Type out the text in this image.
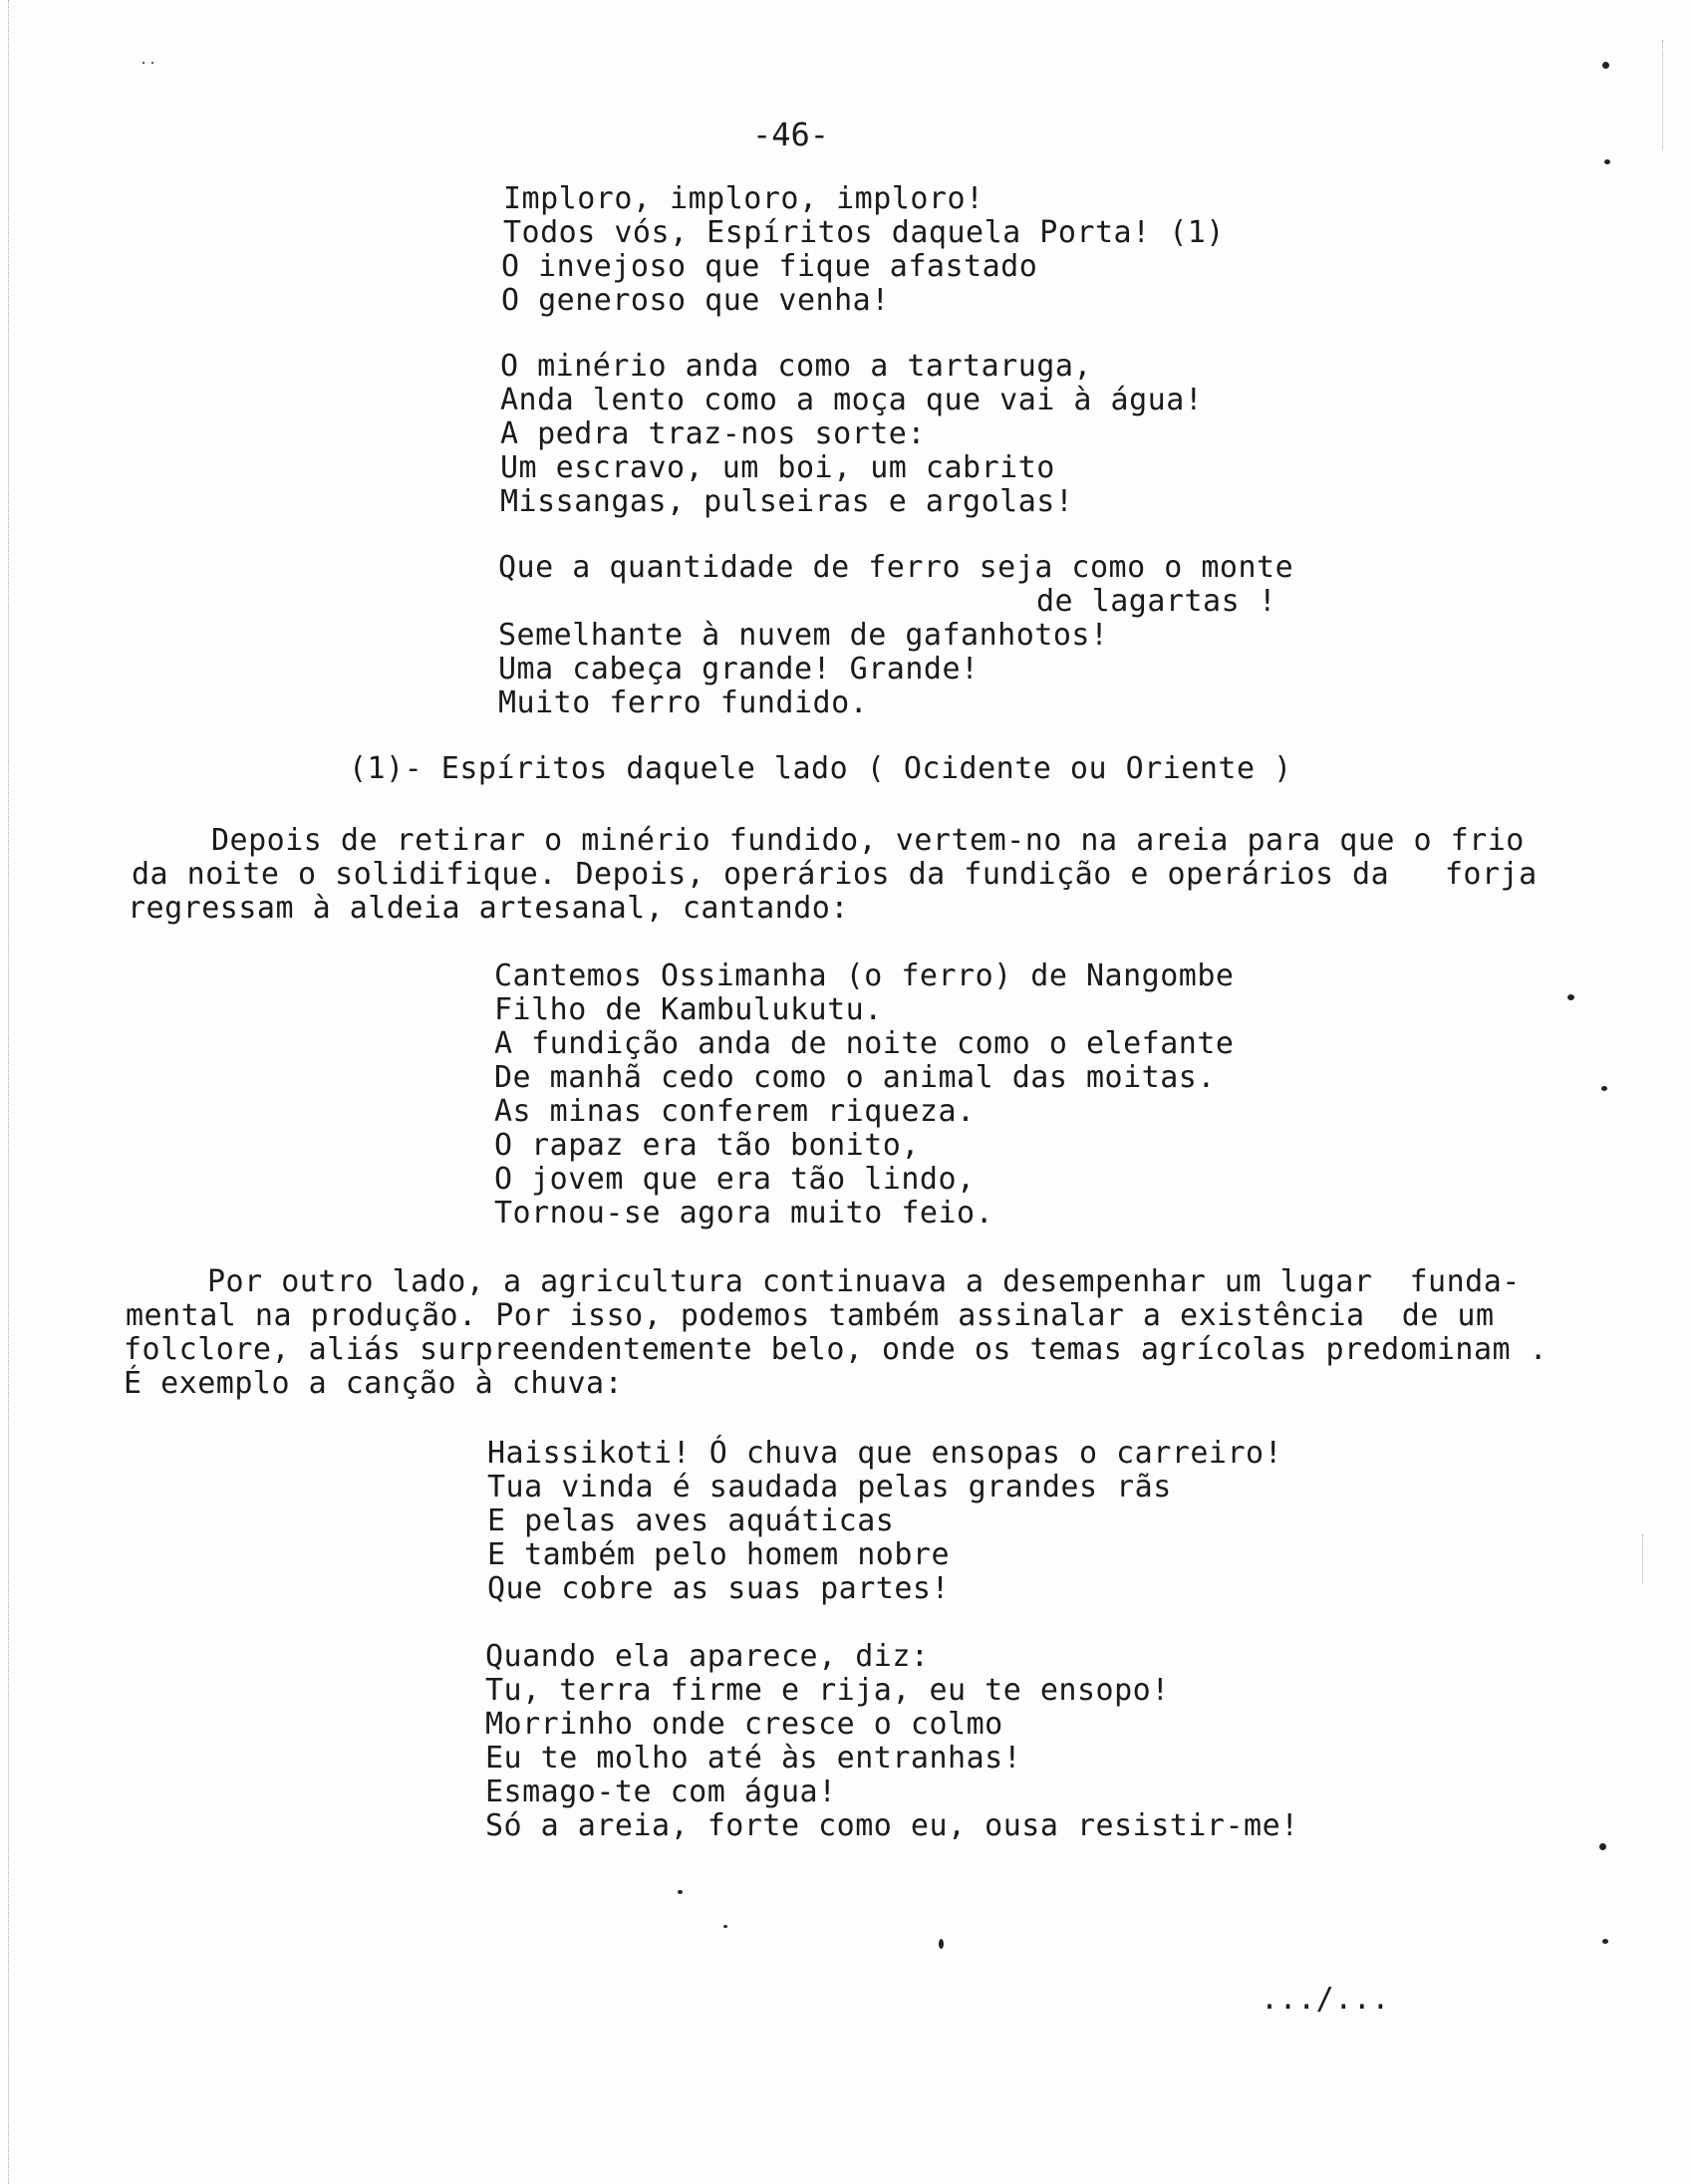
-46-
Imploro, imploro, imploro!
Todos vós, Espíritos daquela Porta! (1)
O invejoso que fique afastado
O generoso que venha!
O minério anda como a tartaruga,
Anda lento como a moça que vai à água!
A pedra traz-nos sorte:
Um escravo, um boi, um cabrito
Missangas, pulseiras e argolas!
Que a quantidade de ferro seja como o monte
de lagartas !
Semelhante à nuvem de gafanhotos!
Uma cabeça grande! Grande!
Muito ferro fundido.
(1)- Espíritos daquele lado ( Ocidente ou Oriente )
Depois de retirar o minério fundido, vertem-no na areia para que o frio
da noite o solidifique. Depois, operários da fundição e operários da   forja
regressam à aldeia artesanal, cantando:
Cantemos Ossimanha (o ferro) de Nangombe
Filho de Kambulukutu.
A fundição anda de noite como o elefante
De manhã cedo como o animal das moitas.
As minas conferem riqueza.
O rapaz era tão bonito,
O jovem que era tão lindo,
Tornou-se agora muito feio.
Por outro lado, a agricultura continuava a desempenhar um lugar  funda-
mental na produção. Por isso, podemos também assinalar a existência  de um
folclore, aliás surpreendentemente belo, onde os temas agrícolas predominam .
É exemplo a canção à chuva:
Haissikoti! Ó chuva que ensopas o carreiro!
Tua vinda é saudada pelas grandes rãs
E pelas aves aquáticas
E também pelo homem nobre
Que cobre as suas partes!
Quando ela aparece, diz:
Tu, terra firme e rija, eu te ensopo!
Morrinho onde cresce o colmo
Eu te molho até às entranhas!
Esmago-te com água!
Só a areia, forte como eu, ousa resistir-me!
.../...
